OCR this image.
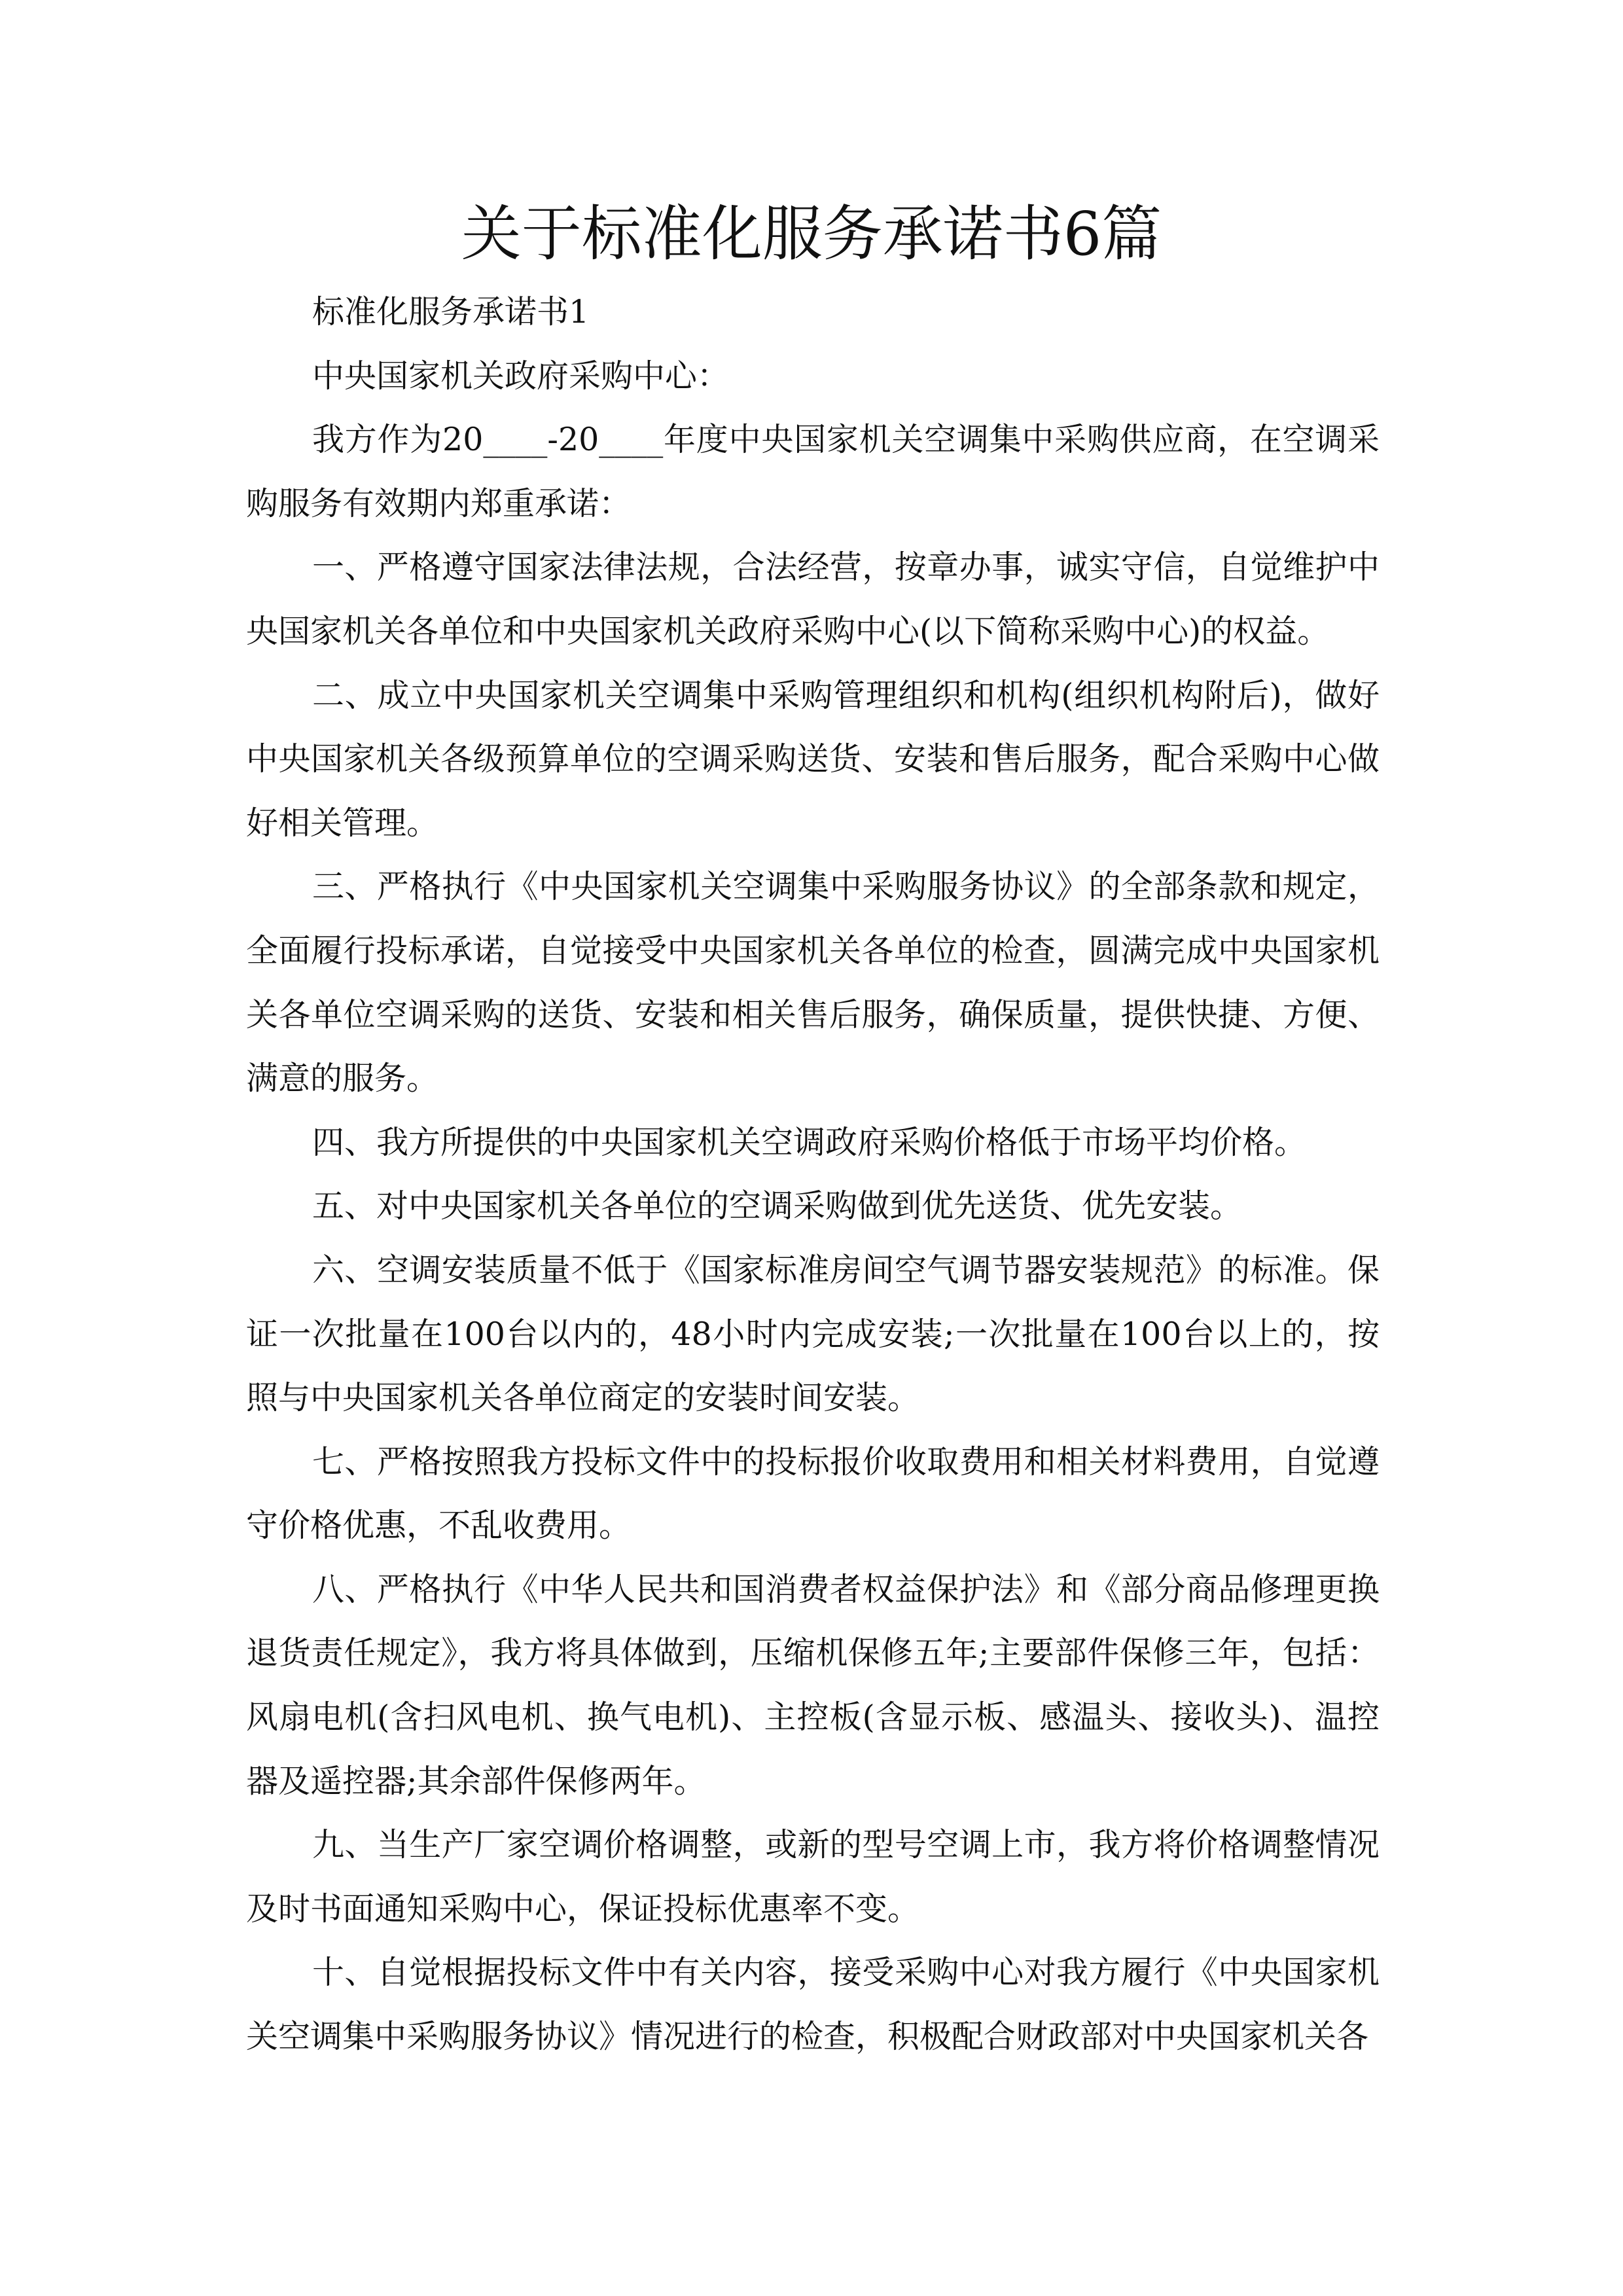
关于标准化服务承诺书6篇
标准化服务承诺书1
中央国家机关政府采购中心：
我方作为20____-20____年度中央国家机关空调集中采购供应商，在空调采
购服务有效期内郑重承诺：
一、严格遵守国家法律法规，合法经营，按章办事，诚实守信，自觉维护中
央国家机关各单位和中央国家机关政府采购中心(以下简称采购中心)的权益。
二、成立中央国家机关空调集中采购管理组织和机构(组织机构附后)，做好
中央国家机关各级预算单位的空调采购送货、安装和售后服务，配合采购中心做
好相关管理。
三、严格执行《中央国家机关空调集中采购服务协议》的全部条款和规定，
全面履行投标承诺，自觉接受中央国家机关各单位的检查，圆满完成中央国家机
关各单位空调采购的送货、安装和相关售后服务，确保质量，提供快捷、方便、
满意的服务。
四、我方所提供的中央国家机关空调政府采购价格低于市场平均价格。
五、对中央国家机关各单位的空调采购做到优先送货、优先安装。
六、空调安装质量不低于《国家标准房间空气调节器安装规范》的标准。保
证一次批量在100台以内的，48小时内完成安装;一次批量在100台以上的，按
照与中央国家机关各单位商定的安装时间安装。
七、严格按照我方投标文件中的投标报价收取费用和相关材料费用，自觉遵
守价格优惠，不乱收费用。
八、严格执行《中华人民共和国消费者权益保护法》和《部分商品修理更换
退货责任规定》，我方将具体做到，压缩机保修五年;主要部件保修三年，包括：
风扇电机(含扫风电机、换气电机)、主控板(含显示板、感温头、接收头)、温控
器及遥控器;其余部件保修两年。
九、当生产厂家空调价格调整，或新的型号空调上市，我方将价格调整情况
及时书面通知采购中心，保证投标优惠率不变。
十、自觉根据投标文件中有关内容，接受采购中心对我方履行《中央国家机
关空调集中采购服务协议》情况进行的检查，积极配合财政部对中央国家机关各
